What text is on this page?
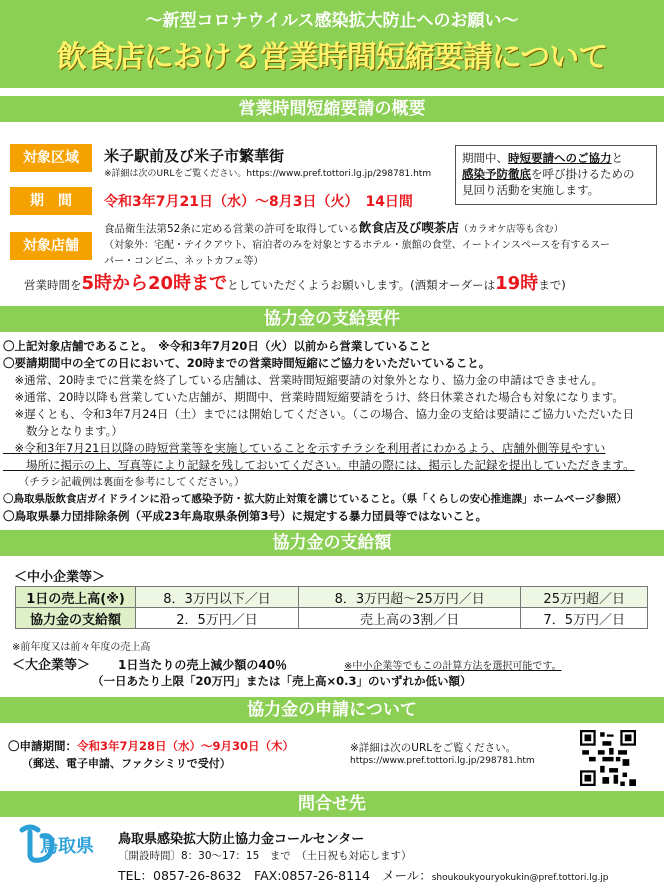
〜新型コロナウイルス感染拡大防止へのお願い〜
飲食店における営業時間短縮要請について
営業時間短縮要請の概要
対象区域	米子駅前及び米子市繁華街
※詳細は次のURLをご覧ください。https://www.pref.tottori.lg.jp/298781.htm
期間中、時短要請へのご協力と
感染予防徹底を呼び掛けるための
見回り活動を実施します。
期　間	令和3年7月21日（水）〜8月3日（火）　14日間
対象店舗
食品衛生法第52条に定める営業の許可を取得している飲食店及び喫茶店（カラオケ店等も含む）
（対象外：宅配・テイクアウト、宿泊者のみを対象とするホテル・旅館の食堂、イートインスペースを有するスー
パー・コンビニ、ネットカフェ等）
営業時間を5時から20時までとしていただくようお願いします。(酒類オーダーは19時まで)
協力金の支給要件

〇上記対象店舗であること。　※令和3年7月20日（火）以前から営業していること

〇要請期間中の全ての日において、20時までの営業時間短縮にご協力をいただいていること。

　※通常、20時までに営業を終了している店舗は、営業時間短縮要請の対象外となり、協力金の申請はできません。

　※通常、20時以降も営業していた店舗が、期間中、営業時間短縮要請をうけ、終日休業された場合も対象になります。

　※遅くとも、令和3年7月24日（土）までには開始してください。（この場合、協力金の支給は要請にご協力いただいた日

　　数分となります。）

　※令和3年7月21日以降の時短営業等を実施していることを示すチラシを利用者にわかるよう、店舗外側等見やすい

　　場所に掲示の上、写真等により記録を残しておいてください。申請の際には、掲示した記録を提出していただきます。

　　（チラシ記載例は裏面を参考にしてください。）

〇鳥取県版飲食店ガイドラインに沿って感染予防・拡大防止対策を講じていること。（県「くらしの安心推進課」ホームページ参照）

〇鳥取県暴力団排除条例（平成23年鳥取県条例第3号）に規定する暴力団員等ではないこと。

協力金の支給額
＜中小企業等＞
1日の売上高(※)	8．3万円以下／日	8．3万円超〜25万円／日	25万円超／日
協力金の支給額	2．5万円／日	売上高の3割／日	7．5万円／日
※前年度又は前々年度の売上高
＜大企業等＞ 1日当たりの売上減少額の40％	※中小企業等でもこの計算方法を選択可能です。
（一日あたり上限「20万円」または「売上高×0.3」のいずれか低い額）
協力金の申請について
〇申請期間：令和3年7月28日（水）〜9月30日（木）
（郵送、電子申請、ファクシミリで受付）
※詳細は次のURLをご覧ください。
https://www.pref.tottori.lg.jp/298781.htm
問合せ先
鳥取県 鳥取県感染拡大防止協力金コールセンター
〔開設時間〕8：30〜17：15　まで　（土日祝も対応します）
TEL：0857-26-8632　FAX:0857-26-8114 メール：shoukoukyouryokukin@pref.tottori.lg.jp
